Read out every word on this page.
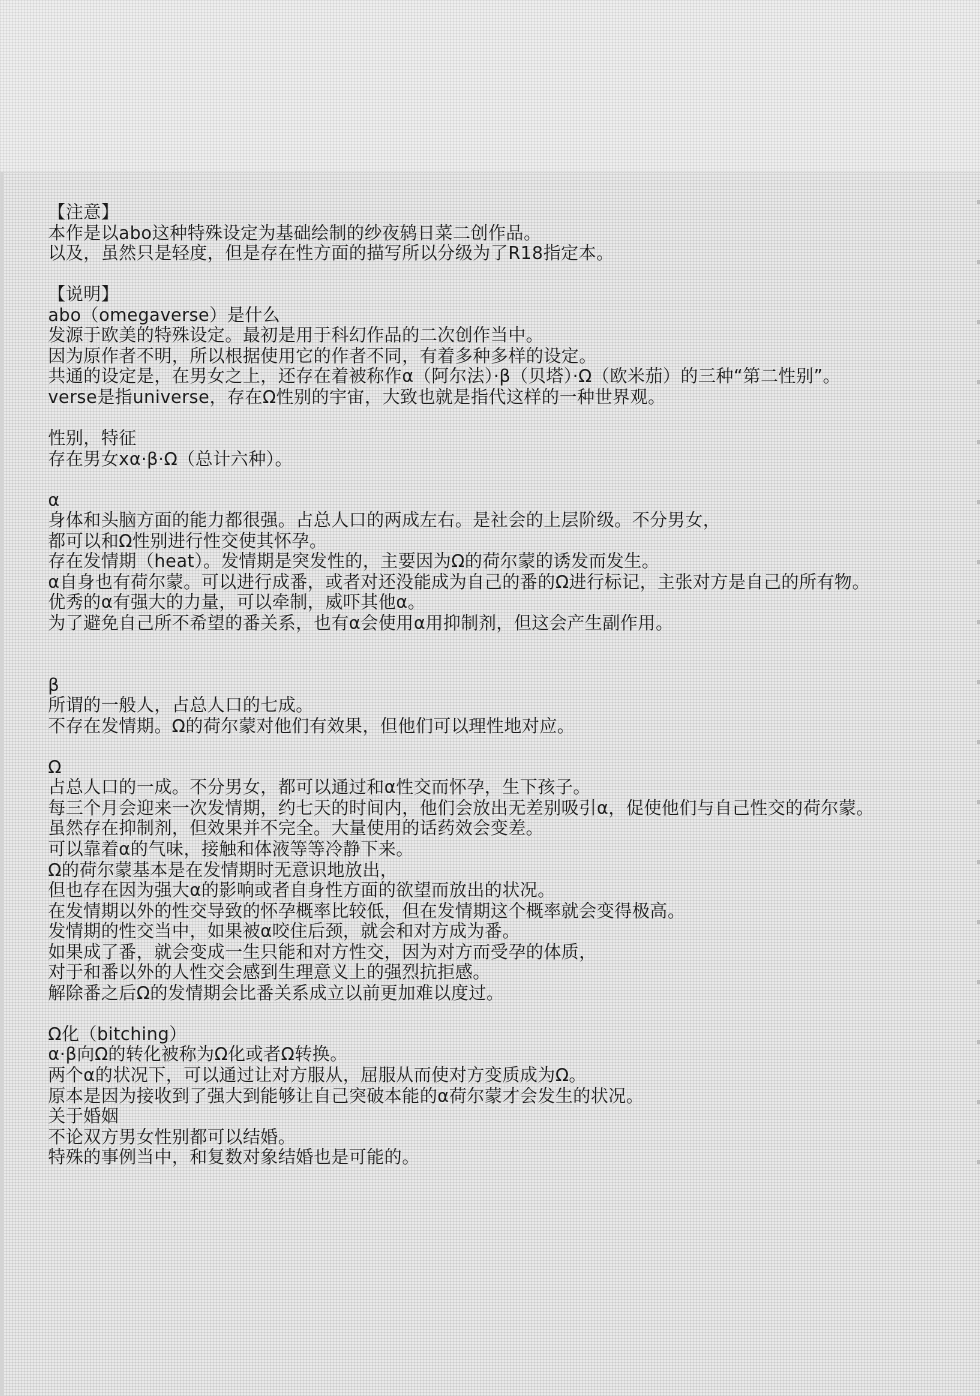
【注意】
本作是以abo这种特殊设定为基础绘制的纱夜鸫日菜二创作品。
以及，虽然只是轻度，但是存在性方面的描写所以分级为了R18指定本。
【说明】
abo（omegaverse）是什么
发源于欧美的特殊设定。最初是用于科幻作品的二次创作当中。
因为原作者不明，所以根据使用它的作者不同，有着多种多样的设定。
共通的设定是，在男女之上，还存在着被称作α（阿尔法）·β（贝塔）·Ω（欧米茄）的三种“第二性别”。
verse是指universe，存在Ω性别的宇宙，大致也就是指代这样的一种世界观。
性别，特征
存在男女xα·β·Ω（总计六种）。
α
身体和头脑方面的能力都很强。占总人口的两成左右。是社会的上层阶级。不分男女，
都可以和Ω性别进行性交使其怀孕。
存在发情期（heat）。发情期是突发性的，主要因为Ω的荷尔蒙的诱发而发生。
α自身也有荷尔蒙。可以进行成番，或者对还没能成为自己的番的Ω进行标记，主张对方是自己的所有物。
优秀的α有强大的力量，可以牵制，威吓其他α。
为了避免自己所不希望的番关系，也有α会使用α用抑制剂，但这会产生副作用。
β
所谓的一般人，占总人口的七成。
不存在发情期。Ω的荷尔蒙对他们有效果，但他们可以理性地对应。
Ω
占总人口的一成。不分男女，都可以通过和α性交而怀孕，生下孩子。
每三个月会迎来一次发情期，约七天的时间内，他们会放出无差别吸引α，促使他们与自己性交的荷尔蒙。
虽然存在抑制剂，但效果并不完全。大量使用的话药效会变差。
可以靠着α的气味，接触和体液等等冷静下来。
Ω的荷尔蒙基本是在发情期时无意识地放出，
但也存在因为强大α的影响或者自身性方面的欲望而放出的状况。
在发情期以外的性交导致的怀孕概率比较低，但在发情期这个概率就会变得极高。
发情期的性交当中，如果被α咬住后颈，就会和对方成为番。
如果成了番，就会变成一生只能和对方性交，因为对方而受孕的体质，
对于和番以外的人性交会感到生理意义上的强烈抗拒感。
解除番之后Ω的发情期会比番关系成立以前更加难以度过。
Ω化（bitching）
α·β向Ω的转化被称为Ω化或者Ω转换。
两个α的状况下，可以通过让对方服从，屈服从而使对方变质成为Ω。
原本是因为接收到了强大到能够让自己突破本能的α荷尔蒙才会发生的状况。
关于婚姻
不论双方男女性别都可以结婚。
特殊的事例当中，和复数对象结婚也是可能的。
